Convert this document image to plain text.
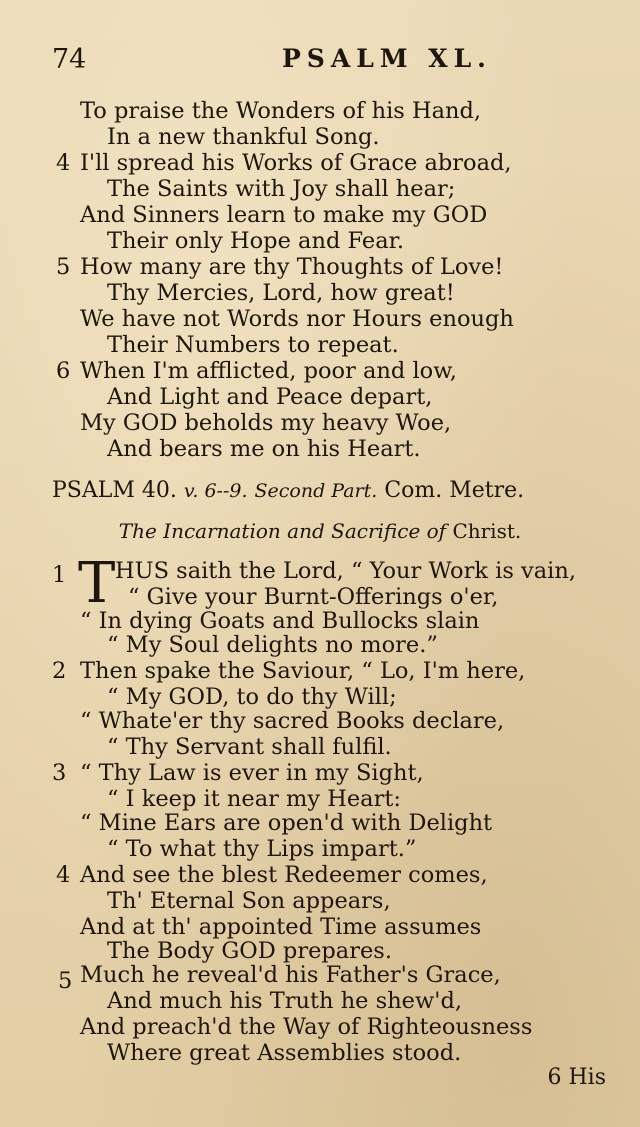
74	PSALM XL.
To praise the Wonders of his Hand,
In a new thankful Song.
4 I'll spread his Works of Grace abroad,
The Saints with Joy shall hear;
And Sinners learn to make my GOD
Their only Hope and Fear.
5 How many are thy Thoughts of Love!
Thy Mercies, Lord, how great!
We have not Words nor Hours enough
Their Numbers to repeat.
6 When I'm afflicted, poor and low,
And Light and Peace depart,
My GOD beholds my heavy Woe,
And bears me on his Heart.
PSALM 40. v. 6--9. Second Part. Com. Metre.
The Incarnation and Sacrifice of Christ.
1 T HUS saith the Lord, “ Your Work is vain,
“ Give your Burnt-Offerings o'er,
“ In dying Goats and Bullocks slain
“ My Soul delights no more.”
2 Then spake the Saviour, “ Lo, I'm here,
“ My GOD, to do thy Will;
“ Whate'er thy sacred Books declare,
“ Thy Servant shall fulfil.
3 “ Thy Law is ever in my Sight,
“ I keep it near my Heart:
“ Mine Ears are open'd with Delight
“ To what thy Lips impart.”
4 And see the blest Redeemer comes,
Th' Eternal Son appears,
And at th' appointed Time assumes
The Body GOD prepares.
5 Much he reveal'd his Father's Grace,
And much his Truth he shew'd,
And preach'd the Way of Righteousness
Where great Assemblies stood.
6 His
